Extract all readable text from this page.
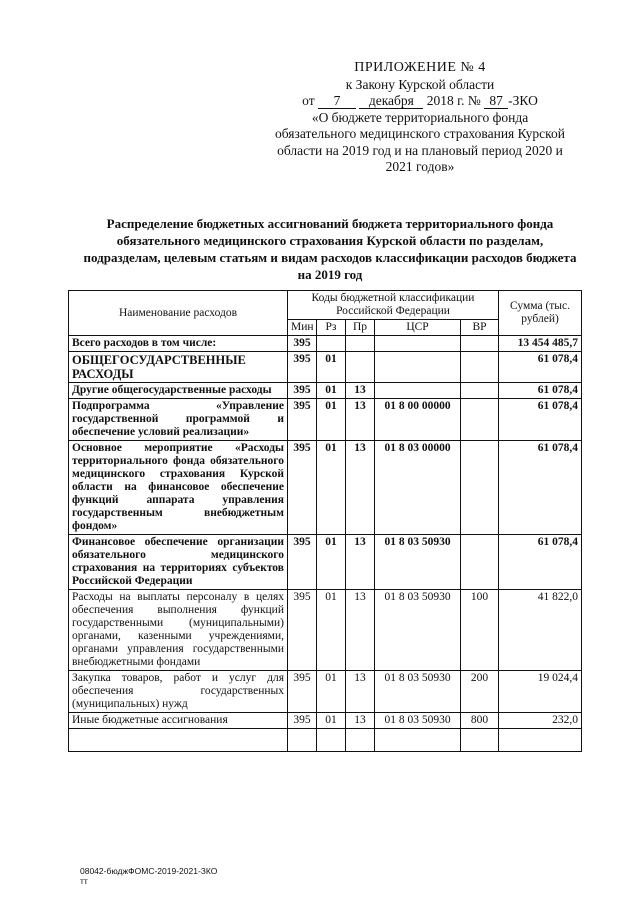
ПРИЛОЖЕНИЕ № 4
к Закону Курской области
от 7 декабря 2018 г. № 87 -ЗКО
«О бюджете территориального фонда обязательного медицинского страхования Курской области на 2019 год и на плановый период 2020 и 2021 годов»
Распределение бюджетных ассигнований бюджета территориального фонда обязательного медицинского страхования Курской области по разделам, подразделам, целевым статьям и видам расходов классификации расходов бюджета на 2019 год
Наименование расходов	Коды бюджетной классификации Российской Федерации					Сумма (тыс. рублей)
	Мин	Рз	Пр	ЦСР	ВР	
Всего расходов в том числе:	395					13 454 485,7
ОБЩЕГОСУДАРСТВЕННЫЕ РАСХОДЫ	395	01				61 078,4
Другие общегосударственные расходы	395	01	13			61 078,4
Подпрограмма «Управление государственной программой и обеспечение условий реализации»	395	01	13	01 8 00 00000		61 078,4
Основное мероприятие «Расходы территориального фонда обязательного медицинского страхования Курской области на финансовое обеспечение функций аппарата управления государственным внебюджетным фондом»	395	01	13	01 8 03 00000		61 078,4
Финансовое обеспечение организации обязательного медицинского страхования на территориях субъектов Российской Федерации	395	01	13	01 8 03 50930		61 078,4
Расходы на выплаты персоналу в целях обеспечения выполнения функций государственными (муниципальными) органами, казенными учреждениями, органами управления государственными внебюджетными фондами	395	01	13	01 8 03 50930	100	41 822,0
Закупка товаров, работ и услуг для обеспечения государственных (муниципальных) нужд	395	01	13	01 8 03 50930	200	19 024,4
Иные бюджетные ассигнования	395	01	13	01 8 03 50930	800	232,0

08042-бюджФОМС-2019-2021-ЗКО
тт
